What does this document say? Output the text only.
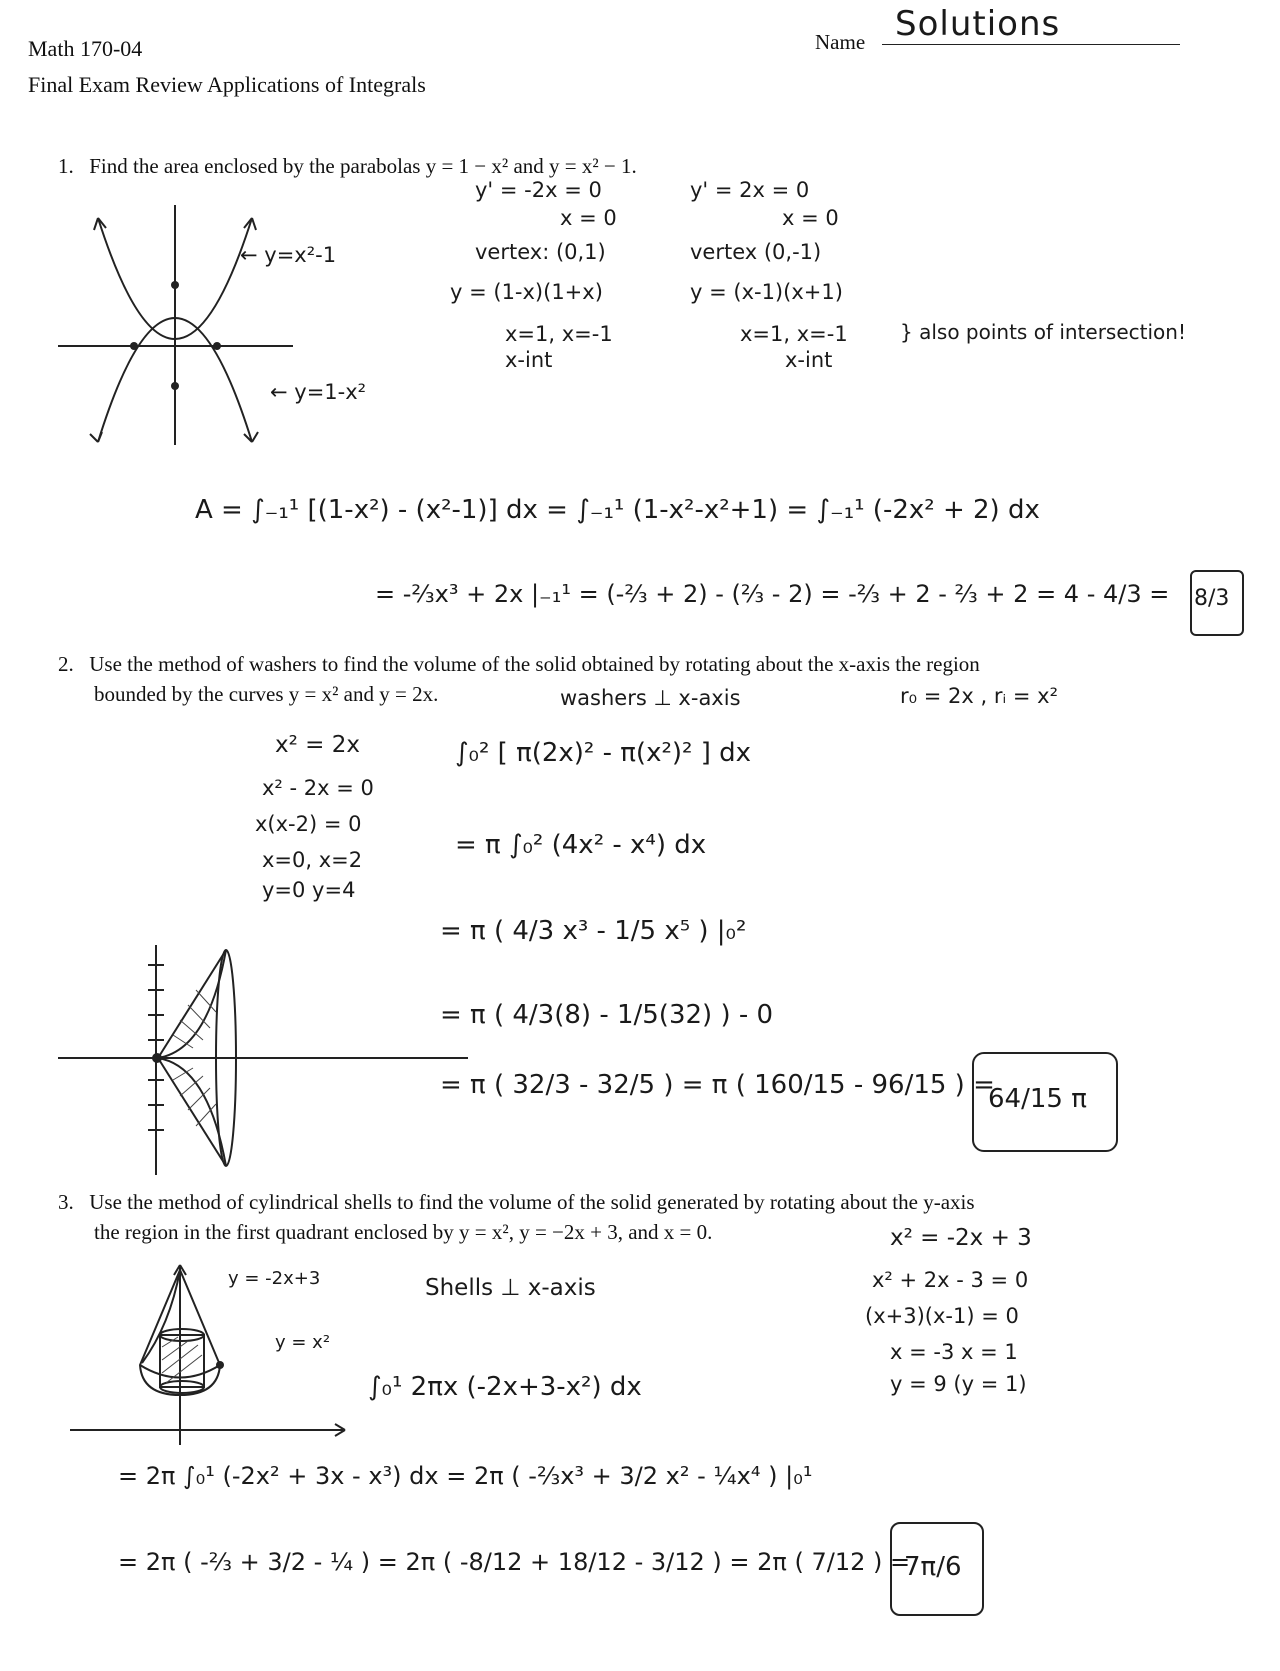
Math 170-04
Final Exam Review Applications of Integrals
Name Solutions
1. Find the area enclosed by the parabolas y = 1 − x² and y = x² − 1.
← y=x²-1
← y=1-x²
y' = -2x = 0
x = 0
vertex: (0,1)
y = (1-x)(1+x)
x=1, x=-1
x-int
y' = 2x = 0
x = 0
vertex (0,-1)
y = (x-1)(x+1)
x=1, x=-1
x-int
} also points of intersection!
A = ∫₋₁¹ [(1-x²) - (x²-1)] dx = ∫₋₁¹ (1-x²-x²+1) = ∫₋₁¹ (-2x² + 2) dx
= -⅔x³ + 2x |₋₁¹ = (-⅔ + 2) - (⅔ - 2) = -⅔ + 2 - ⅔ + 2 = 4 - 4/3 = 8/3
2. Use the method of washers to find the volume of the solid obtained by rotating about the x-axis the region
bounded by the curves y = x² and y = 2x.	washers ⊥ x-axis	r₀ = 2x , rᵢ = x²
x² = 2x
x² - 2x = 0
x(x-2) = 0
x=0, x=2
y=0 y=4
∫₀² [ π(2x)² - π(x²)² ] dx
= π ∫₀² (4x² - x⁴) dx
= π ( 4/3 x³ - 1/5 x⁵ ) |₀²
= π ( 4/3(8) - 1/5(32) ) - 0
= π ( 32/3 - 32/5 ) = π ( 160/15 - 96/15 ) =
64/15 π
3. Use the method of cylindrical shells to find the volume of the solid generated by rotating about the y-axis
the region in the first quadrant enclosed by y = x², y = −2x + 3, and x = 0.
y = -2x+3
y = x²
Shells ⊥ x-axis
x² = -2x + 3
x² + 2x - 3 = 0
(x+3)(x-1) = 0
x = -3 x = 1
y = 9 (y = 1)
∫₀¹ 2πx (-2x+3-x²) dx
= 2π ∫₀¹ (-2x² + 3x - x³) dx = 2π ( -⅔x³ + 3/2 x² - ¼x⁴ ) |₀¹
= 2π ( -⅔ + 3/2 - ¼ ) = 2π ( -8/12 + 18/12 - 3/12 ) = 2π ( 7/12 ) =
7π/6
